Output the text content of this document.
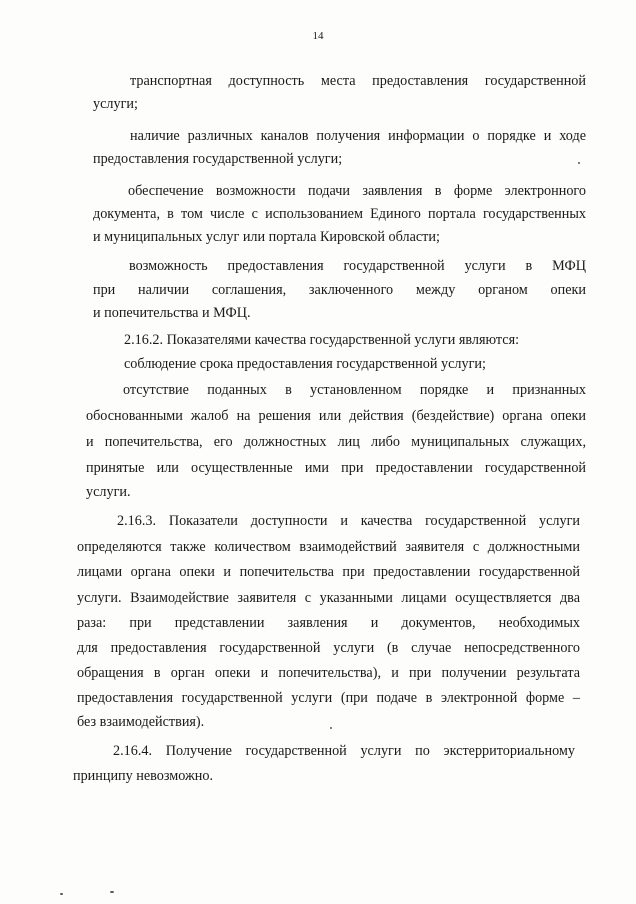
14
транспортная доступность места предоставления государственной
услуги;
наличие различных каналов получения информации о порядке и ходе
предоставления государственной услуги;
обеспечение возможности подачи заявления в форме электронного
документа, в том числе с использованием Единого портала государственных
и муниципальных услуг или портала Кировской области;
возможность предоставления государственной услуги в МФЦ
при наличии соглашения, заключенного между органом опеки
и попечительства и МФЦ.
2.16.2. Показателями качества государственной услуги являются:
соблюдение срока предоставления государственной услуги;
отсутствие поданных в установленном порядке и признанных
обоснованными жалоб на решения или действия (бездействие) органа опеки
и попечительства, его должностных лиц либо муниципальных служащих,
принятые или осуществленные ими при предоставлении государственной
услуги.
2.16.3. Показатели доступности и качества государственной услуги
определяются также количеством взаимодействий заявителя с должностными
лицами органа опеки и попечительства при предоставлении государственной
услуги. Взаимодействие заявителя с указанными лицами осуществляется два
раза: при представлении заявления и документов, необходимых
для предоставления государственной услуги (в случае непосредственного
обращения в орган опеки и попечительства), и при получении результата
предоставления государственной услуги (при подаче в электронной форме –
без взаимодействия).
2.16.4. Получение государственной услуги по экстерриториальному
принципу невозможно.
